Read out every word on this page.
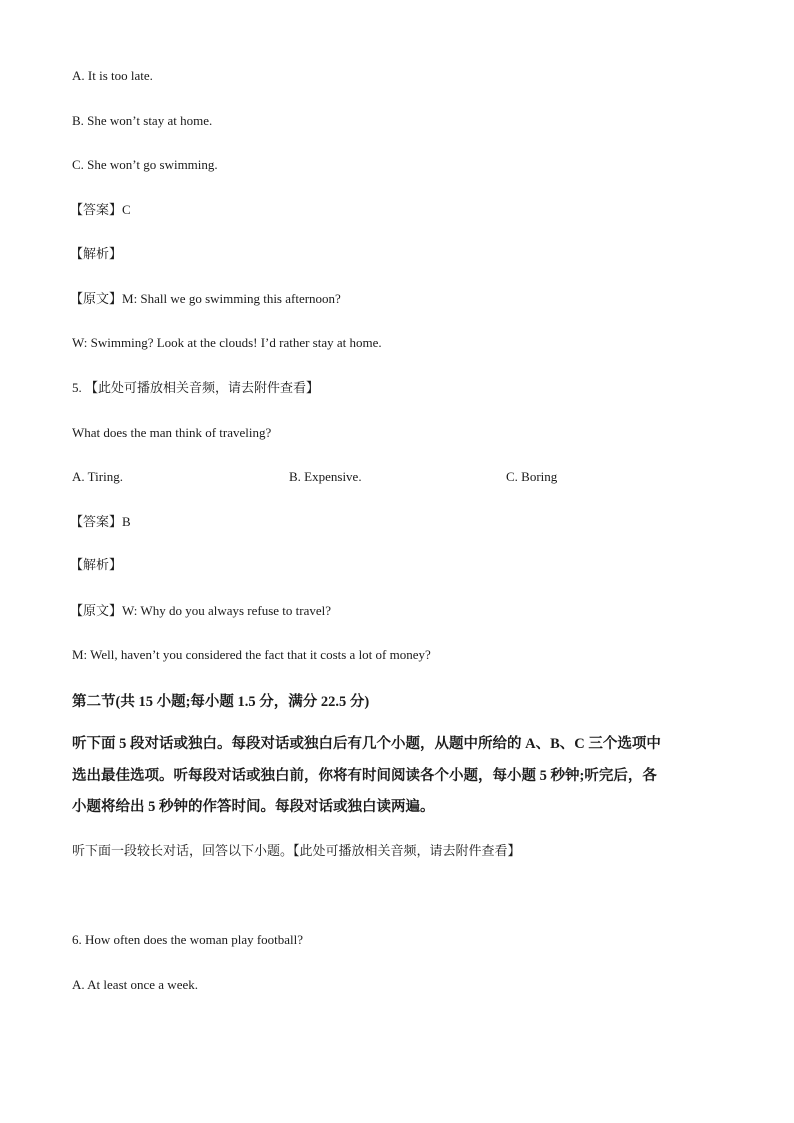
A. It is too late.
B. She won’t stay at home.
C. She won’t go swimming.
【答案】C
【解析】
【原文】M: Shall we go swimming this afternoon?
W: Swimming? Look at the clouds! I’d rather stay at home.
5. 【此处可播放相关音频，请去附件查看】
What does the man think of traveling?
A. Tiring.	B. Expensive.	C. Boring
【答案】B
【解析】
【原文】W: Why do you always refuse to travel?
M: Well, haven’t you considered the fact that it costs a lot of money?
第二节(共 15 小题;每小题 1.5 分，满分 22.5 分)
听下面 5 段对话或独白。每段对话或独白后有几个小题，从题中所给的 A、B、C 三个选项中
选出最佳选项。听每段对话或独白前，你将有时间阅读各个小题，每小题 5 秒钟;听完后，各
小题将给出 5 秒钟的作答时间。每段对话或独白读两遍。
听下面一段较长对话，回答以下小题。【此处可播放相关音频，请去附件查看】
6. How often does the woman play football?
A. At least once a week.
